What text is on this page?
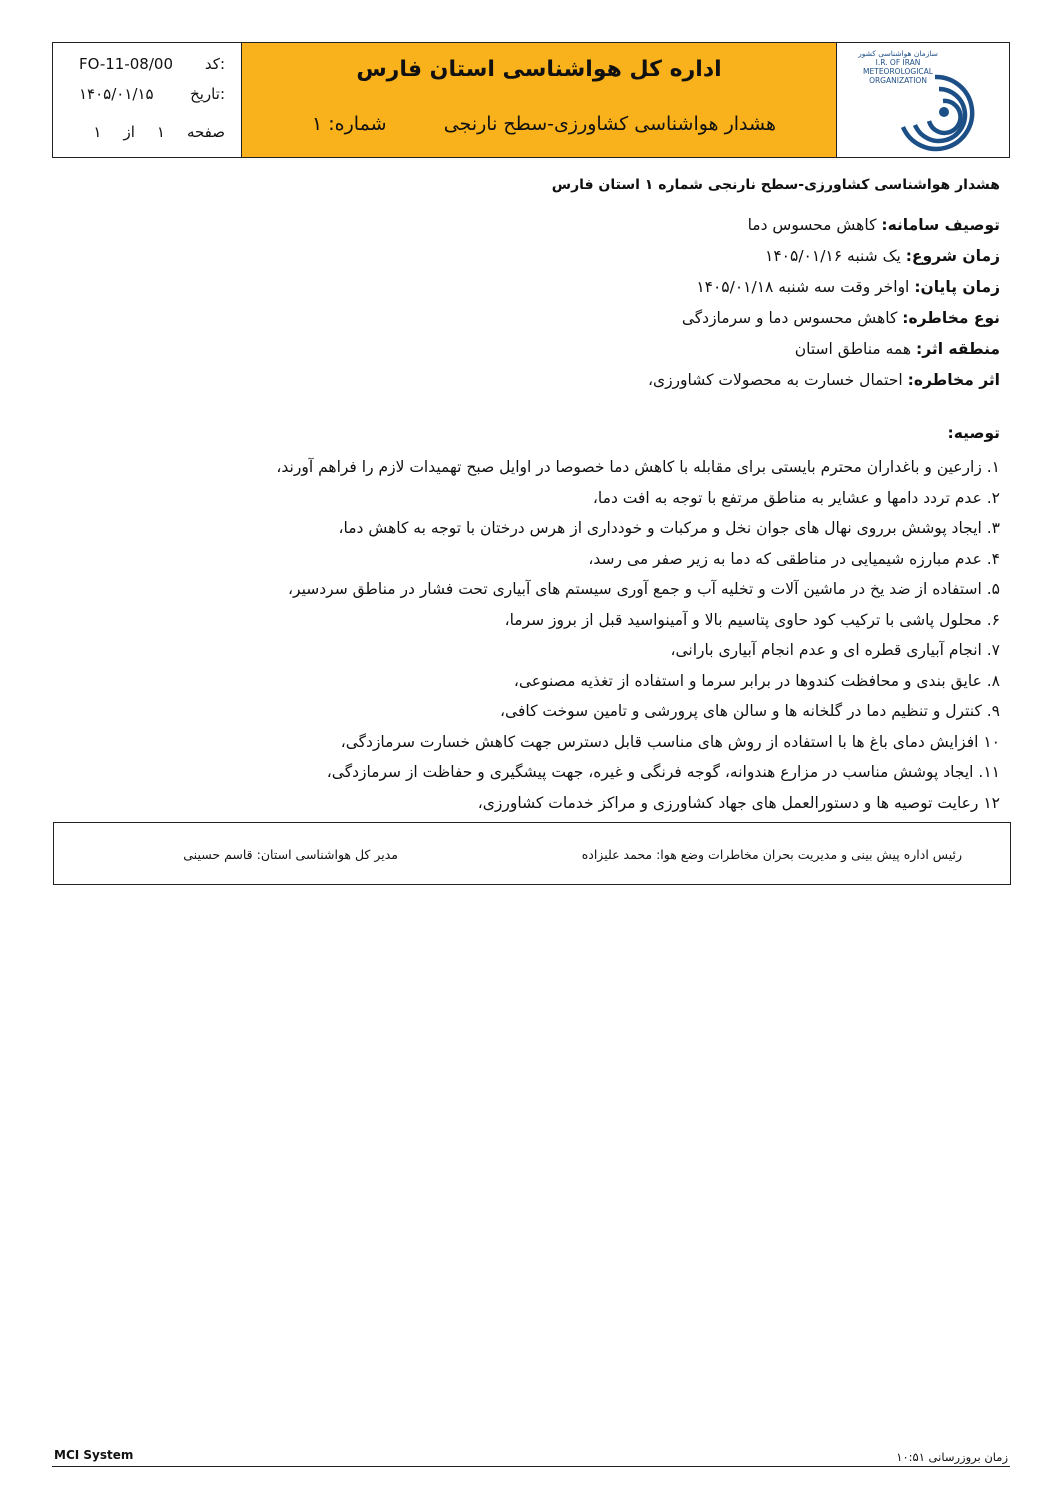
FO-11-08/00 کد:
۱۴۰۵/۰۱/۱۵ تاریخ:
۱ از ۱ صفحه
اداره کل هواشناسی استان فارس
هشدار هواشناسی کشاورزی-سطح نارنجی
شماره: ۱
سازمان هواشناسی کشور
I.R. OF IRAN
METEOROLOGICAL
ORGANIZATION
هشدار هواشناسی کشاورزی-سطح نارنجی شماره ۱ استان فارس
توصیف سامانه: کاهش محسوس دما
زمان شروع: یک شنبه ۱۴۰۵/۰۱/۱۶
زمان پایان: اواخر وقت سه شنبه ۱۴۰۵/۰۱/۱۸
نوع مخاطره: کاهش محسوس دما و سرمازدگی
منطقه اثر: همه مناطق استان
اثر مخاطره: احتمال خسارت به محصولات کشاورزی،
توصیه:
۱. زارعین و باغداران محترم بایستی برای مقابله با کاهش دما خصوصا در اوایل صبح تهمیدات لازم را فراهم آورند،
۲. عدم تردد دامها و عشایر به مناطق مرتفع با توجه به افت دما،
۳. ایجاد پوشش برروی نهال های جوان نخل و مرکبات و خودداری از هرس درختان با توجه به کاهش دما،
۴. عدم مبارزه شیمیایی در مناطقی که دما به زیر صفر می رسد،
۵. استفاده از ضد یخ در ماشین آلات و تخلیه آب و جمع آوری سیستم های آبیاری تحت فشار در مناطق سردسیر،
۶. محلول پاشی با ترکیب کود حاوی پتاسیم بالا و آمینواسید قبل از بروز سرما،
۷. انجام آبیاری قطره ای و عدم انجام آبیاری بارانی،
۸. عایق بندی و محافظت کندوها در برابر سرما و استفاده از تغذیه مصنوعی،
۹. کنترل و تنظیم دما در گلخانه ها و سالن های پرورشی و تامین سوخت کافی،
۱۰ افزایش دمای باغ ها با استفاده از روش های مناسب قابل دسترس جهت کاهش خسارت سرمازدگی،
۱۱. ایجاد پوشش مناسب در مزارع هندوانه، گوجه فرنگی و غیره، جهت پیشگیری و حفاظت از سرمازدگی،
۱۲ رعایت توصیه ها و دستورالعمل های جهاد کشاورزی و مراکز خدمات کشاورزی،
رئیس اداره پیش بینی و مدیریت بحران مخاطرات وضع هوا: محمد علیزاده
مدیر کل هواشناسی استان: قاسم حسینی
MCI System	زمان بروزرسانی ۱۰:۵۱
